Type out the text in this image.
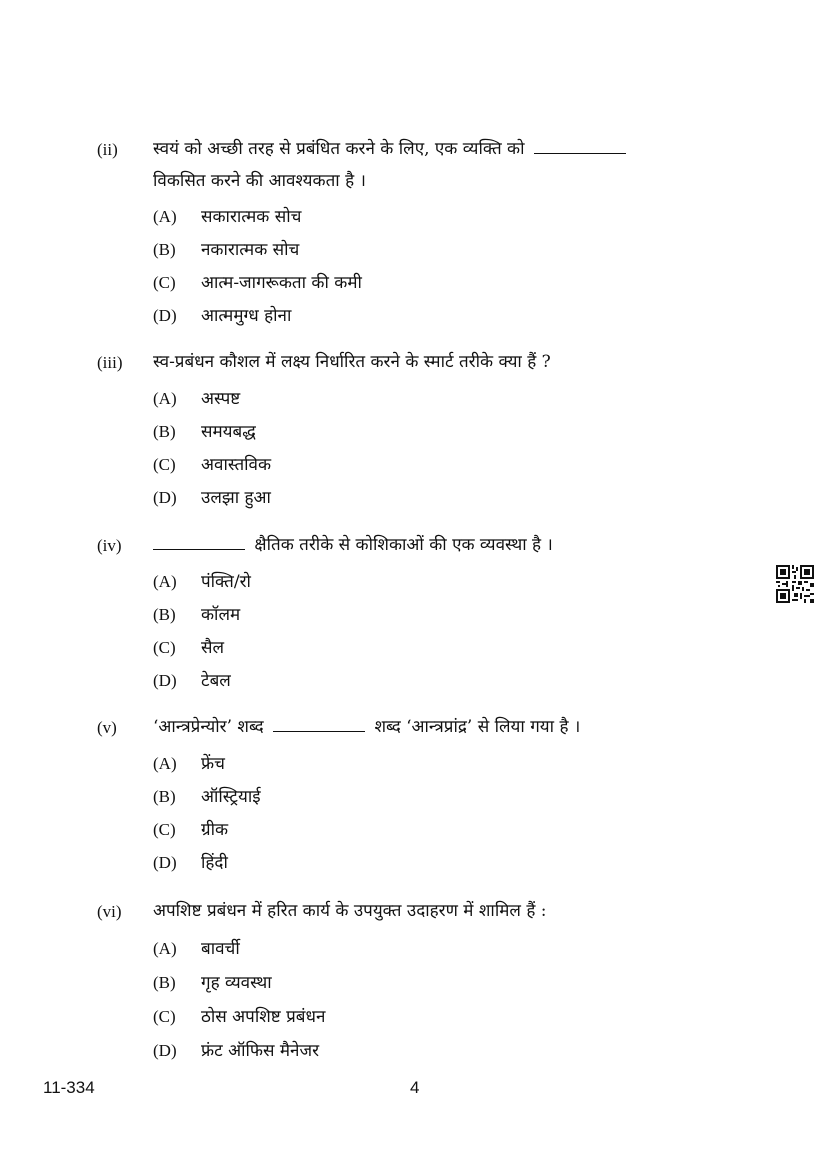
(ii) स्वयं को अच्छी तरह से प्रबंधित करने के लिए, एक व्यक्ति को
विकसित करने की आवश्यकता है ।
(A) सकारात्मक सोच
(B) नकारात्मक सोच
(C) आत्म-जागरूकता की कमी
(D) आत्ममुग्ध होना
(iii) स्व-प्रबंधन कौशल में लक्ष्य निर्धारित करने के स्मार्ट तरीके क्या हैं ?
(A) अस्पष्ट
(B) समयबद्ध
(C) अवास्तविक
(D) उलझा हुआ
(iv)	क्षैतिक तरीके से कोशिकाओं की एक व्यवस्था है ।
(A) पंक्ति/रो
(B) कॉलम
(C) सैल
(D) टेबल
(v) ‘आन्त्रप्रेन्योर’ शब्द	शब्द ‘आन्त्रप्रांद्र’ से लिया गया है ।
(A) फ्रेंच
(B) ऑस्ट्रियाई
(C) ग्रीक
(D) हिंदी
(vi) अपशिष्ट प्रबंधन में हरित कार्य के उपयुक्त उदाहरण में शामिल हैं :
(A) बावर्ची
(B) गृह व्यवस्था
(C) ठोस अपशिष्ट प्रबंधन
(D) फ्रंट ऑफिस मैनेजर
11-334	4
